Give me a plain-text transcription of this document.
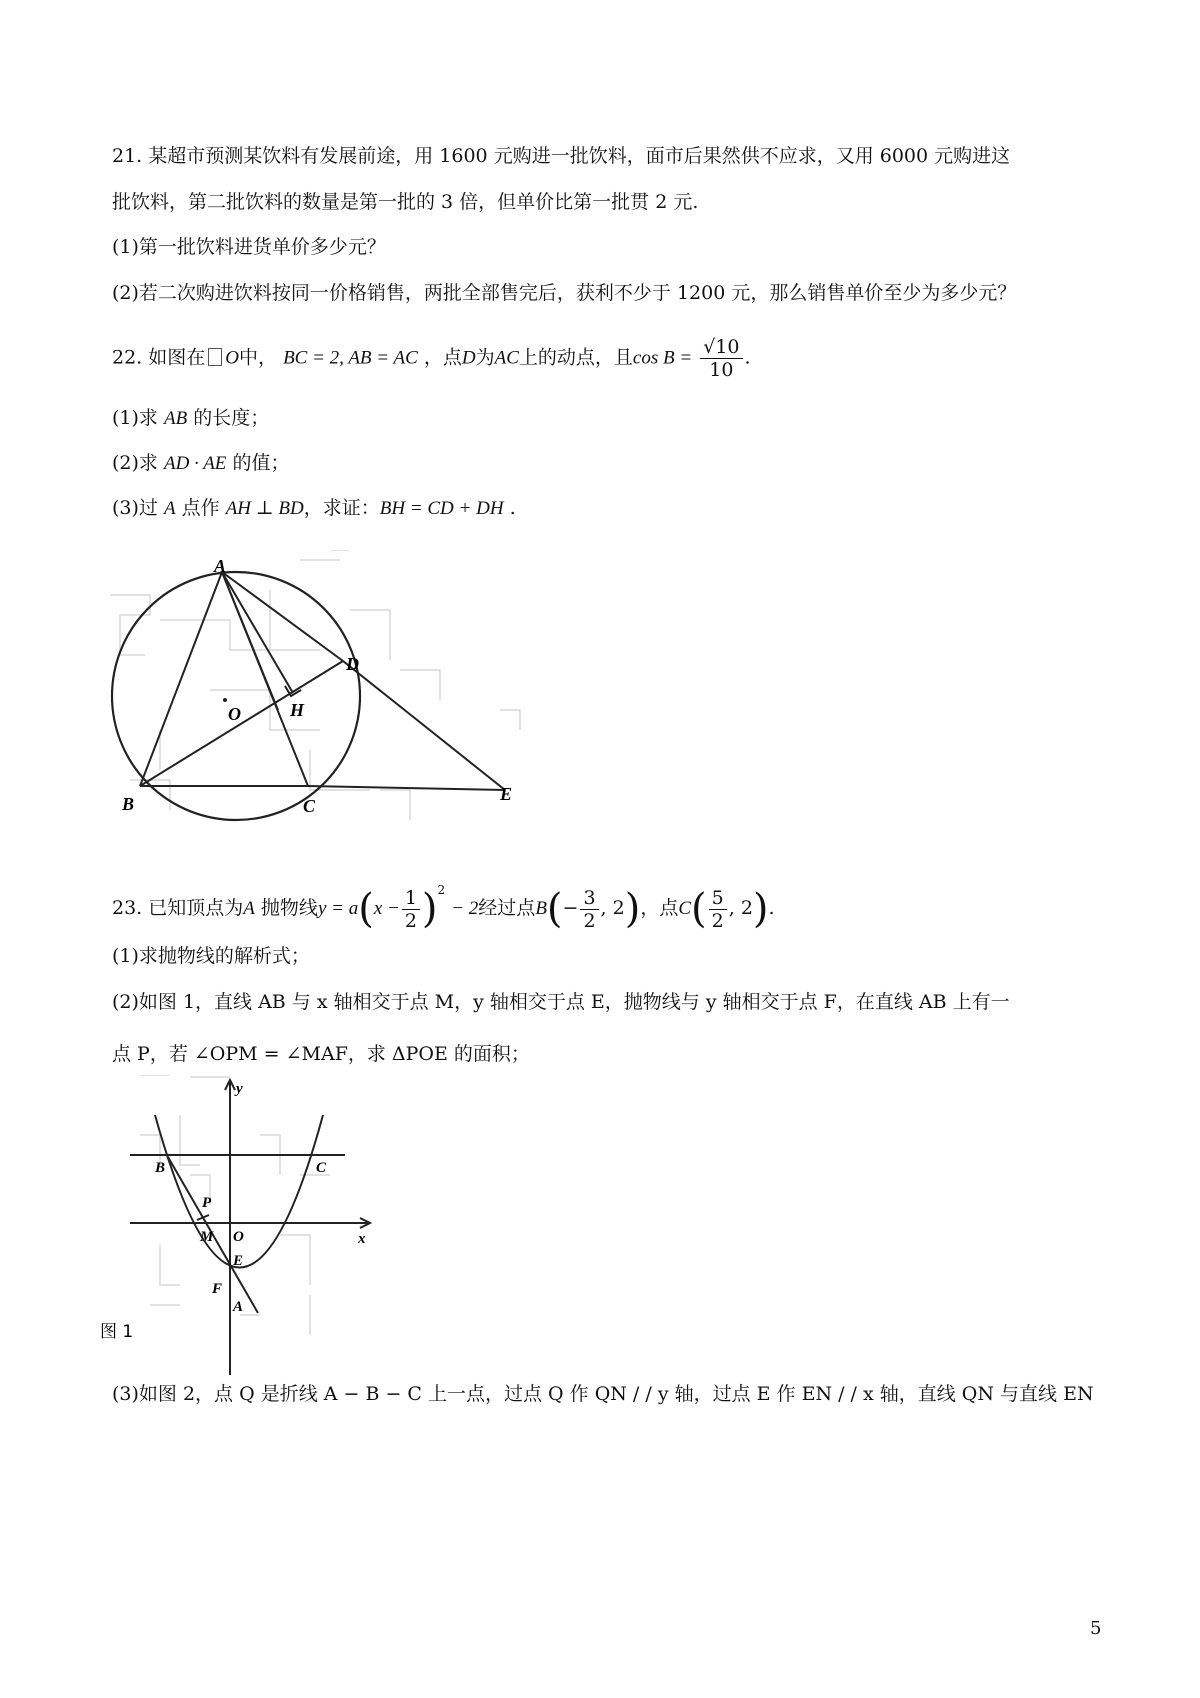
21. 某超市预测某饮料有发展前途，用 1600 元购进一批饮料，面市后果然供不应求，又用 6000 元购进这
批饮料，第二批饮料的数量是第一批的 3 倍，但单价比第一批贯 2 元.
(1)第一批饮料进货单价多少元？
(2)若二次购进饮料按同一价格销售，两批全部售完后，获利不少于 1200 元，那么销售单价至少为多少元？
22. 如图在 O中， BC = 2, AB = AC ，点D为AC上的动点，且$\cos B = \frac{√10}{10}$ .
(1)求 AB 的长度；
(2)求 AD · AE 的值；
(3)过 A 点作 AH ⊥ BD，求证：BH = CD + DH .
A
B	C
D
E
O	H
23. 已知顶点为A 抛物线$y = a(x - \frac{1}{2} )^2 - 2$经过点$B(- \frac{3}{2}$ , 2)，点$C( \frac{5}{2}$ , 2).
(1)求抛物线的解析式；
(2)如图 1，直线 AB 与 x 轴相交于点 M，y 轴相交于点 E，抛物线与 y 轴相交于点 F，在直线 AB 上有一
点 P，若 ∠OPM = ∠MAF，求 ΔPOE 的面积；
y
x
B	C
P
M O
E
F
A
图 1
(3)如图 2，点 Q 是折线 A − B − C 上一点，过点 Q 作 QN / / y 轴，过点 E 作 EN / / x 轴，直线 QN 与直线 EN
5
